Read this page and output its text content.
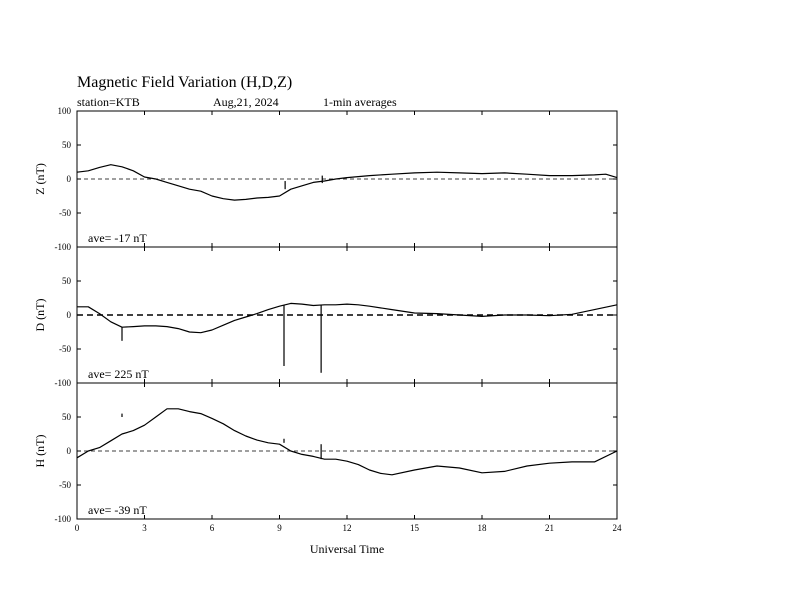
Magnetic Field Variation (H,D,Z)
station=KTB	Aug,21, 2024	1-min averages
100
50
0
-50
-100
Z (nT)
ave= -17 nT
50
0
-50
-100
D (nT)
ave= 225 nT
50
0
-50
-100
H (nT)
ave= -39 nT
0	3	6	9	12	15	18	21	24
Universal Time
